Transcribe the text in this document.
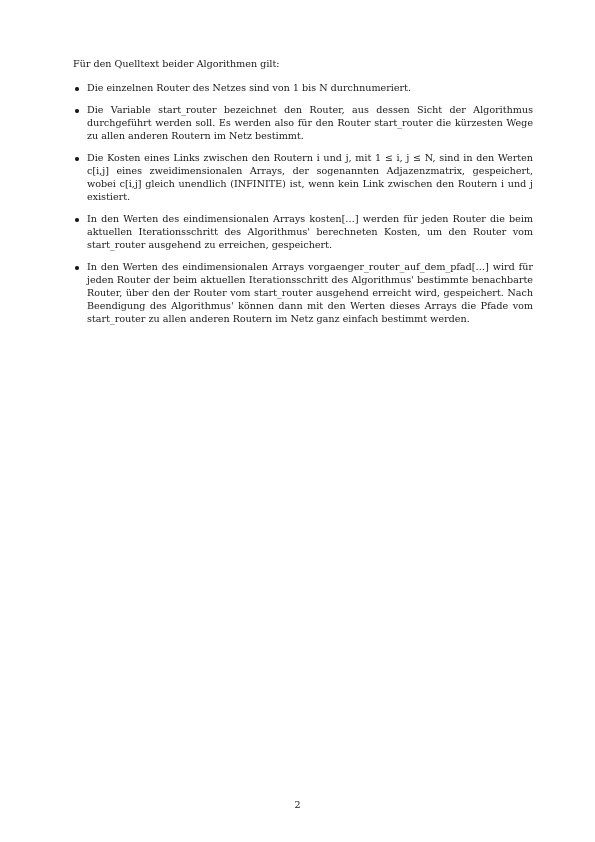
Für den Quelltext beider Algorithmen gilt:

Die einzelnen Router des Netzes sind von 1 bis N durchnumeriert.
Die Variable start_router bezeichnet den Router, aus dessen Sicht der Algorithmus durchgeführt werden soll. Es werden also für den Router start_router die kürzesten Wege zu allen anderen Routern im Netz bestimmt.
Die Kosten eines Links zwischen den Routern i und j, mit 1 ≤ i, j ≤ N, sind in den Werten c[i,j] eines zweidimensionalen Arrays, der sogenannten Adjazenzmatrix, gespeichert, wobei c[i,j] gleich unendlich (INFINITE) ist, wenn kein Link zwischen den Routern i und j existiert.
In den Werten des eindimensionalen Arrays kosten[…] werden für jeden Router die beim aktuellen Iterationsschritt des Algorithmus' berechneten Kosten, um den Router vom start_router ausgehend zu erreichen, gespeichert.
In den Werten des eindimensionalen Arrays vorgaenger_router_auf_dem_pfad[…] wird für jeden Router der beim aktuellen Iterationsschritt des Algorithmus' bestimmte benachbarte Router, über den der Router vom start_router ausgehend erreicht wird, gespeichert. Nach Beendigung des Algorithmus' können dann mit den Werten dieses Arrays die Pfade vom start_router zu allen anderen Routern im Netz ganz einfach bestimmt werden.
2
